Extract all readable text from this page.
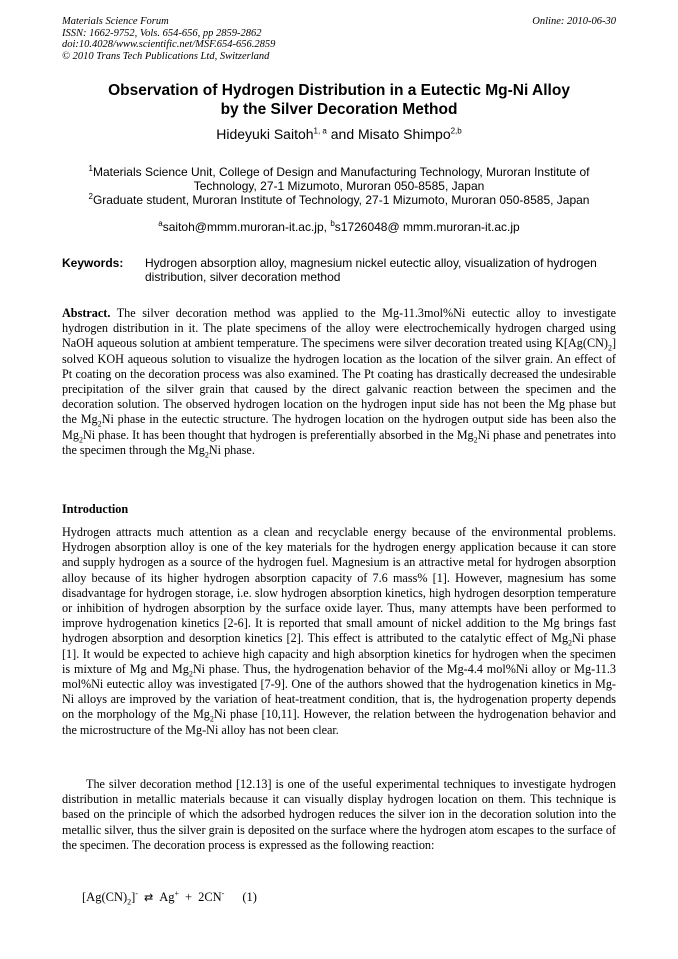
Materials Science Forum
ISSN: 1662-9752, Vols. 654-656, pp 2859-2862
doi:10.4028/www.scientific.net/MSF.654-656.2859
© 2010 Trans Tech Publications Ltd, Switzerland
Online: 2010-06-30
Observation of Hydrogen Distribution in a Eutectic Mg-Ni Alloy
by the Silver Decoration Method
Hideyuki Saitoh$^{1, a}$ and Misato Shimpo$^{2,b}$
$^1$Materials Science Unit, College of Design and Manufacturing Technology, Muroran Institute of
Technology, 27-1 Mizumoto, Muroran 050-8585, Japan
$^2$Graduate student, Muroran Institute of Technology, 27-1 Mizumoto, Muroran 050-8585, Japan
$^a$saitoh@mmm.muroran-it.ac.jp, $^b$s1726048@ mmm.muroran-it.ac.jp
Keywords: Hydrogen absorption alloy, magnesium nickel eutectic alloy, visualization of hydrogen distribution, silver decoration method
Abstract. The silver decoration method was applied to the Mg-11.3mol%Ni eutectic alloy to investigate hydrogen distribution in it. The plate specimens of the alloy were electrochemically hydrogen charged using NaOH aqueous solution at ambient temperature. The specimens were silver decoration treated using $K[Ag(CN)_2]$ solved KOH aqueous solution to visualize the hydrogen location as the location of the silver grain. An effect of Pt coating on the decoration process was also examined. The Pt coating has drastically decreased the undesirable precipitation of the silver grain that caused by the direct galvanic reaction between the specimen and the decoration solution. The observed hydrogen location on the hydrogen input side has not been the Mg phase but the $Mg_2Ni$ phase in the eutectic structure. The hydrogen location on the hydrogen output side has been also the $Mg_2Ni$ phase. It has been thought that hydrogen is preferentially absorbed in the $Mg_2Ni$ phase and penetrates into the specimen through the $Mg_2Ni$ phase.
Introduction
Hydrogen attracts much attention as a clean and recyclable energy because of the environmental problems. Hydrogen absorption alloy is one of the key materials for the hydrogen energy application because it can store and supply hydrogen as a source of the hydrogen fuel. Magnesium is an attractive metal for hydrogen absorption alloy because of its higher hydrogen absorption capacity of 7.6 mass% [1]. However, magnesium has some disadvantage for hydrogen storage, i.e. slow hydrogen absorption kinetics, high hydrogen desorption temperature or inhibition of hydrogen absorption by the surface oxide layer. Thus, many attempts have been performed to improve hydrogenation kinetics [2-6]. It is reported that small amount of nickel addition to the Mg brings fast hydrogen absorption and desorption kinetics [2]. This effect is attributed to the catalytic effect of $Mg_2Ni$ phase [1]. It would be expected to achieve high capacity and high absorption kinetics for hydrogen when the specimen is mixture of Mg and $Mg_2Ni$ phase. Thus, the hydrogenation behavior of the Mg-4.4 mol%Ni alloy or Mg-11.3 mol%Ni eutectic alloy was investigated [7-9]. One of the authors showed that the hydrogenation kinetics in Mg-Ni alloys are improved by the variation of heat-treatment condition, that is, the hydrogenation property depends on the morphology of the $Mg_2Ni$ phase [10,11]. However, the relation between the hydrogenation behavior and the microstructure of the Mg-Ni alloy has not been clear.
The silver decoration method [12.13] is one of the useful experimental techniques to investigate hydrogen distribution in metallic materials because it can visually display hydrogen location on them. This technique is based on the principle of which the adsorbed hydrogen reduces the silver ion in the decoration solution into the metallic silver, thus the silver grain is deposited on the surface where the hydrogen atom escapes to the surface of the specimen. The decoration process is expressed as the following reaction:
$[Ag(CN)_2]^-$ ⇄ Ag+ + 2CN- (1)
